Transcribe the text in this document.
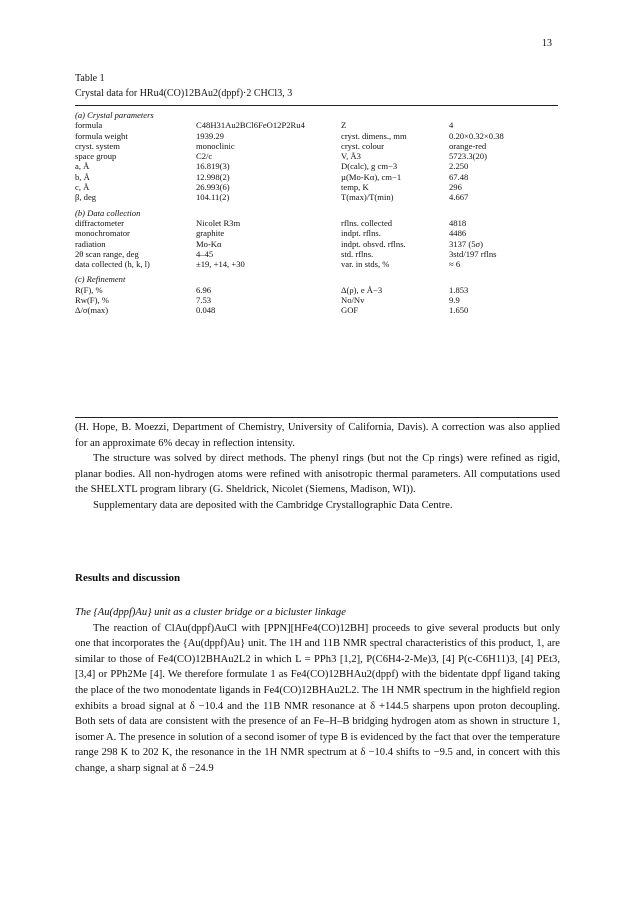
13
Table 1
Crystal data for HRu4(CO)12BAu2(dppf)·2 CHCl3, 3
(a) Crystal parameters
formula	C48H31Au2BCl6FeO12P2Ru4	Z	4
formula weight	1939.29	cryst. dimens., mm	0.20×0.32×0.38
cryst. system	monoclinic	cryst. colour	orange-red
space group	C2/c	V, Å3	5723.3(20)
a, Å	16.819(3)	D(calc), g cm−3	2.250
b, Å	12.998(2)	µ(Mo-Kα), cm−1	67.48
c, Å	26.993(6)	temp, K	296
β, deg	104.11(2)	T(max)/T(min)	4.667
(b) Data collection
diffractometer	Nicolet R3m	rflns. collected	4818
monochromator	graphite	indpt. rflns.	4486
radiation	Mo-Kα	indpt. obsvd. rflns.	3137 (5σ)
2θ scan range, deg	4–45	std. rflns.	3std/197 rflns
data collected (h, k, l)	±19, +14, +30	var. in stds, %	≈ 6
(c) Refinement
R(F), %	6.96	Δ(ρ), e Å−3	1.853
Rw(F), %	7.53	No/Nv	9.9
Δ/σ(max)	0.048	GOF	1.650

(H. Hope, B. Moezzi, Department of Chemistry, University of California, Davis). A correction was also applied for an approximate 6% decay in reflection intensity.

The structure was solved by direct methods. The phenyl rings (but not the Cp rings) were refined as rigid, planar bodies. All non-hydrogen atoms were refined with anisotropic thermal parameters. All computations used the SHELXTL program library (G. Sheldrick, Nicolet (Siemens, Madison, WI)).

Supplementary data are deposited with the Cambridge Crystallographic Data Centre.

Results and discussion

The {Au(dppf)Au} unit as a cluster bridge or a bicluster linkage

The reaction of ClAu(dppf)AuCl with [PPN][HFe4(CO)12BH] proceeds to give several products but only one that incorporates the {Au(dppf)Au} unit. The 1H and 11B NMR spectral characteristics of this product, 1, are similar to those of Fe4(CO)12BHAu2L2 in which L = PPh3 [1,2], P(C6H4-2-Me)3, [4] P(c-C6H11)3, [4] PEt3, [3,4] or PPh2Me [4]. We therefore formulate 1 as Fe4(CO)12BHAu2(dppf) with the bidentate dppf ligand taking the place of the two monodentate ligands in Fe4(CO)12BHAu2L2. The 1H NMR spectrum in the highfield region exhibits a broad signal at δ −10.4 and the 11B NMR resonance at δ +144.5 sharpens upon proton decoupling. Both sets of data are consistent with the presence of an Fe–H–B bridging hydrogen atom as shown in structure 1, isomer A. The presence in solution of a second isomer of type B is evidenced by the fact that over the temperature range 298 K to 202 K, the resonance in the 1H NMR spectrum at δ −10.4 shifts to −9.5 and, in concert with this change, a sharp signal at δ −24.9
